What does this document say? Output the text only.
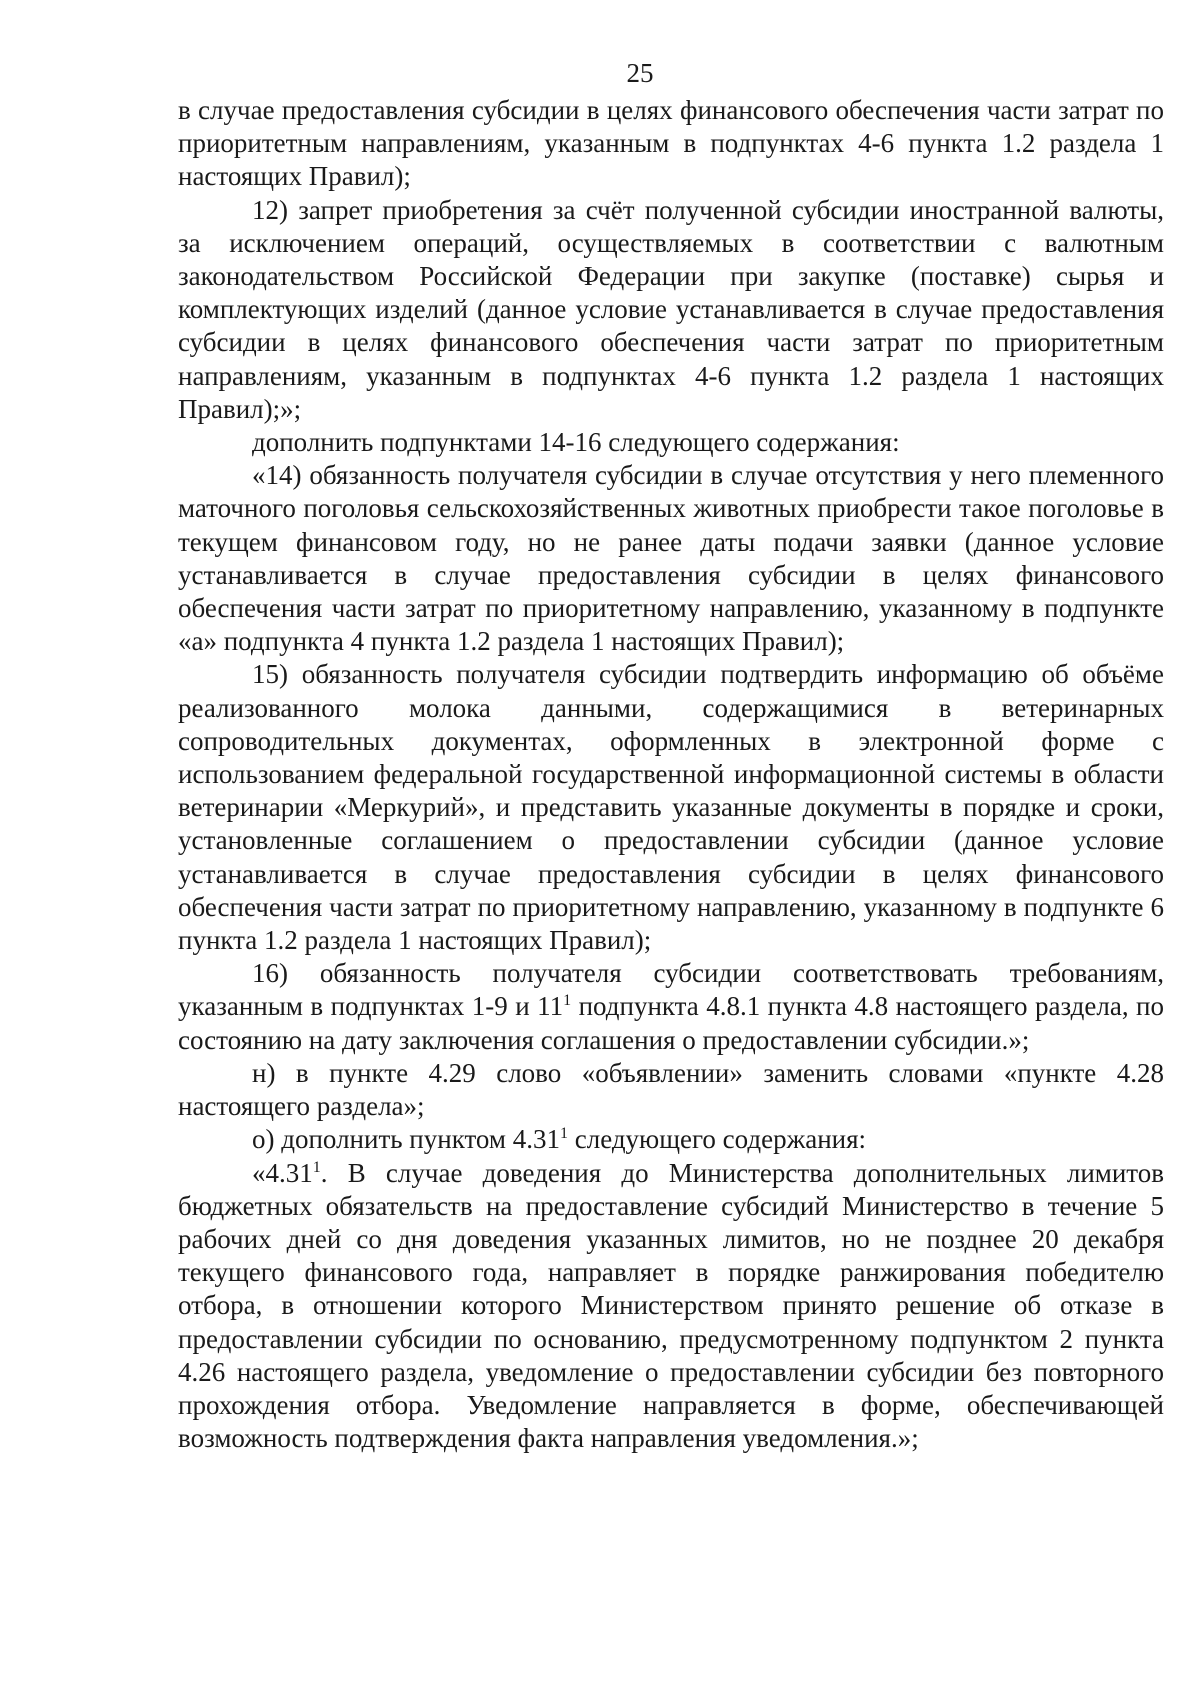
25

в случае предоставления субсидии в целях финансового обеспечения части затрат по приоритетным направлениям, указанным в подпунктах 4-6 пункта 1.2 раздела 1 настоящих Правил);

12) запрет приобретения за счёт полученной субсидии иностранной валюты, за исключением операций, осуществляемых в соответствии с валютным законодательством Российской Федерации при закупке (поставке) сырья и комплектующих изделий (данное условие устанавливается в случае предоставления субсидии в целях финансового обеспечения части затрат по приоритетным направлениям, указанным в подпунктах 4-6 пункта 1.2 раздела 1 настоящих Правил);»;

дополнить подпунктами 14-16 следующего содержания:

«14) обязанность получателя субсидии в случае отсутствия у него племенного маточного поголовья сельскохозяйственных животных приобрести такое поголовье в текущем финансовом году, но не ранее даты подачи заявки (данное условие устанавливается в случае предоставления субсидии в целях финансового обеспечения части затрат по приоритетному направлению, указанному в подпункте «а» подпункта 4 пункта 1.2 раздела 1 настоящих Правил);

15) обязанность получателя субсидии подтвердить информацию об объёме реализованного молока данными, содержащимися в ветеринарных сопроводительных документах, оформленных в электронной форме с использованием федеральной государственной информационной системы в области ветеринарии «Меркурий», и представить указанные документы в порядке и сроки, установленные соглашением о предоставлении субсидии (данное условие устанавливается в случае предоставления субсидии в целях финансового обеспечения части затрат по приоритетному направлению, указанному в подпункте 6 пункта 1.2 раздела 1 настоящих Правил);

16) обязанность получателя субсидии соответствовать требованиям, указанным в подпунктах 1-9 и $11^1$ подпункта 4.8.1 пункта 4.8 настоящего раздела, по состоянию на дату заключения соглашения о предоставлении субсидии.»;

н) в пункте 4.29 слово «объявлении» заменить словами «пункте 4.28 настоящего раздела»;

о) дополнить пунктом 4.31$^1$ следующего содержания:

«4.31$^1$. В случае доведения до Министерства дополнительных лимитов бюджетных обязательств на предоставление субсидий Министерство в течение 5 рабочих дней со дня доведения указанных лимитов, но не позднее 20 декабря текущего финансового года, направляет в порядке ранжирования победителю отбора, в отношении которого Министерством принято решение об отказе в предоставлении субсидии по основанию, предусмотренному подпунктом 2 пункта 4.26 настоящего раздела, уведомление о предоставлении субсидии без повторного прохождения отбора. Уведомление направляется в форме, обеспечивающей возможность подтверждения факта направления уведомления.»;
